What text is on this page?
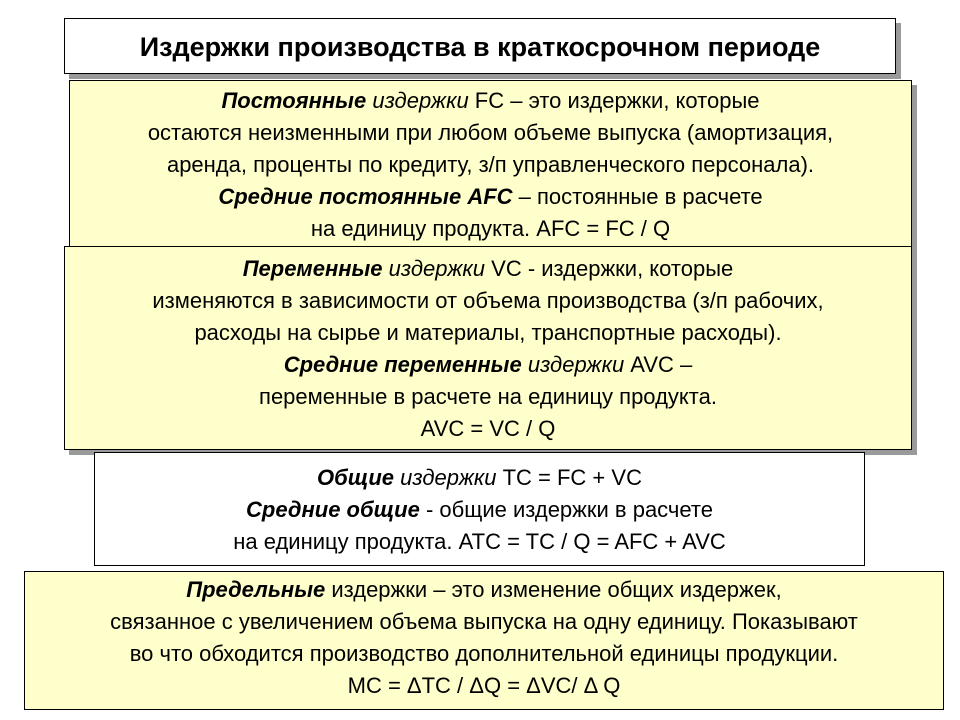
Издержки производства в краткосрочном периоде
Постоянные издержки FC – это издержки, которые
остаются неизменными при любом объеме выпуска (амортизация,
аренда, проценты по кредиту, з/п управленческого персонала).
Средние постоянные AFC – постоянные в расчете
на единицу продукта. AFC = FC / Q
Переменные издержки VC - издержки, которые
изменяются в зависимости от объема производства (з/п рабочих,
расходы на сырье и материалы, транспортные расходы).
Средние переменные издержки AVC –
переменные в расчете на единицу продукта.
AVC = VC / Q
Общие издержки TC = FC + VC
Средние общие - общие издержки в расчете
на единицу продукта. ATC = TC / Q = AFC + AVC
Предельные издержки – это изменение общих издержек,
связанное с увеличением объема выпуска на одну единицу. Показывают
во что обходится производство дополнительной единицы продукции.
MC = ΔTC / ΔQ = ΔVC/ Δ Q
